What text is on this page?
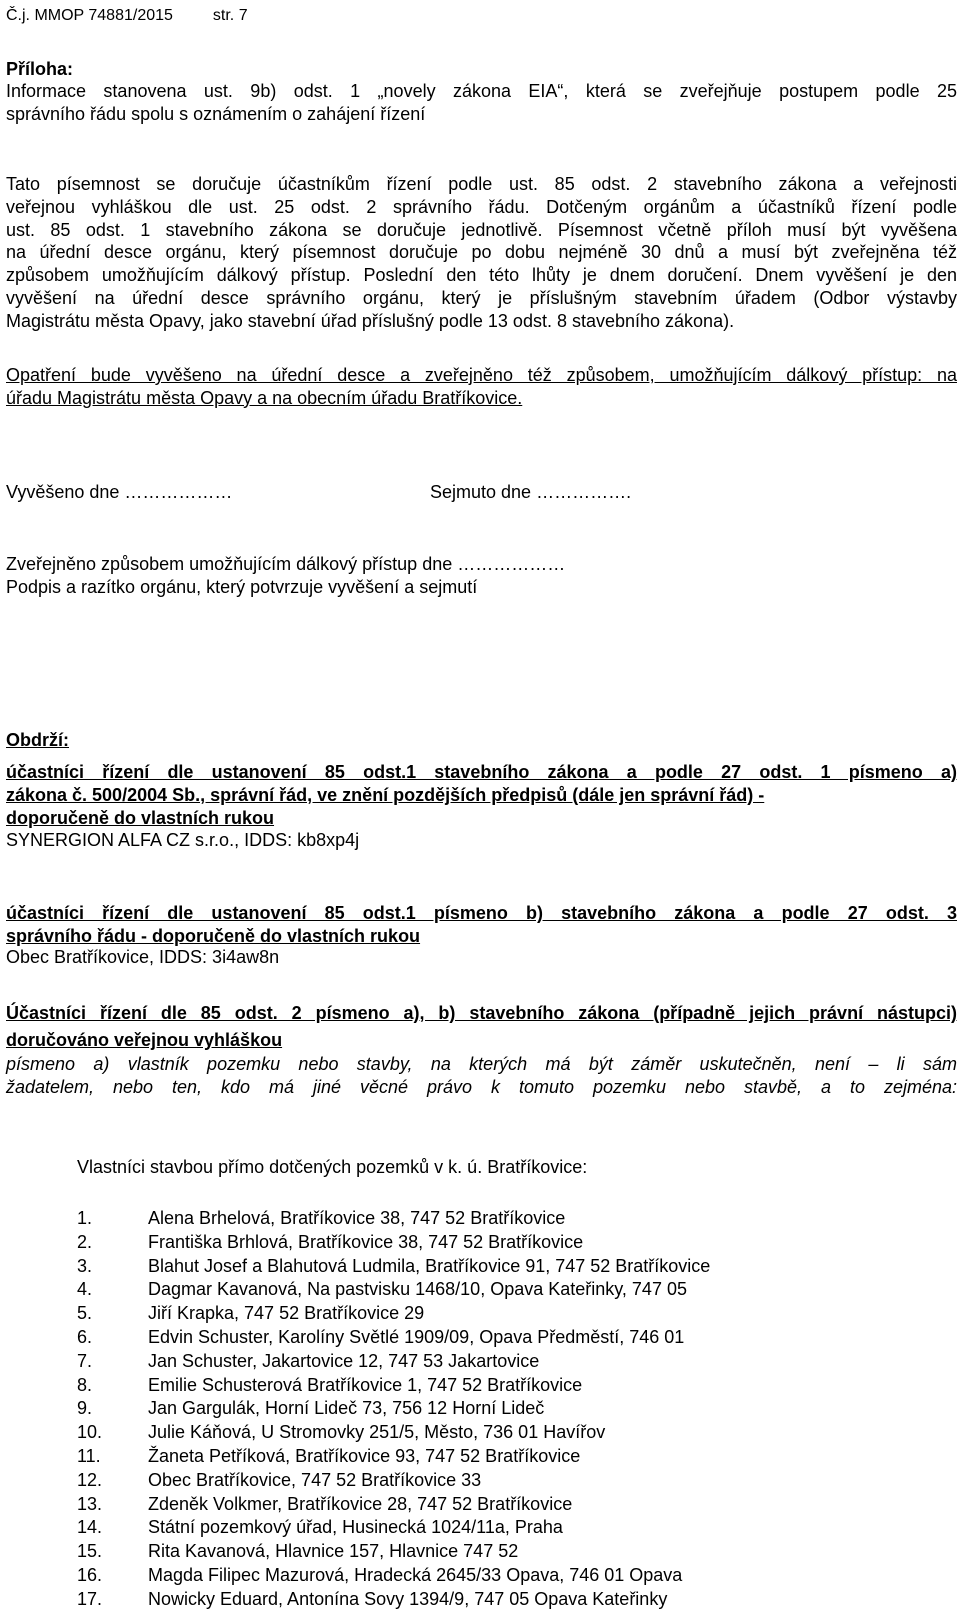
Č.j. MMOP 74881/2015	str. 7
Příloha:
Informace stanovena ust. 9b) odst. 1 „novely zákona EIA“, která se zveřejňuje postupem podle 25
správního řádu spolu s oznámením o zahájení řízení
Tato písemnost se doručuje účastníkům řízení podle ust. 85 odst. 2 stavebního zákona a veřejnosti
veřejnou vyhláškou dle ust. 25 odst. 2 správního řádu. Dotčeným orgánům a účastníků řízení podle
ust. 85 odst. 1 stavebního zákona se doručuje jednotlivě. Písemnost včetně příloh musí být vyvěšena
na úřední desce orgánu, který písemnost doručuje po dobu nejméně 30 dnů a musí být zveřejněna též
způsobem umožňujícím dálkový přístup. Poslední den této lhůty je dnem doručení. Dnem vyvěšení je den
vyvěšení na úřední desce správního orgánu, který je příslušným stavebním úřadem (Odbor výstavby
Magistrátu města Opavy, jako stavební úřad příslušný podle 13 odst. 8 stavebního zákona).
Opatření bude vyvěšeno na úřední desce a zveřejněno též způsobem, umožňujícím dálkový přístup: na
úřadu Magistrátu města Opavy a na obecním úřadu Bratříkovice.
Vyvěšeno dne ………………	Sejmuto dne …………….
Zveřejněno způsobem umožňujícím dálkový přístup dne ………………
Podpis a razítko orgánu, který potvrzuje vyvěšení a sejmutí
Obdrží:
účastníci řízení dle ustanovení 85 odst.1 stavebního zákona a podle 27 odst. 1 písmeno a)
zákona č. 500/2004 Sb., správní řád, ve znění pozdějších předpisů (dále jen správní řád) -
doporučeně do vlastních rukou
SYNERGION ALFA CZ s.r.o., IDDS: kb8xp4j
účastníci řízení dle ustanovení 85 odst.1 písmeno b) stavebního zákona a podle 27 odst. 3
správního řádu - doporučeně do vlastních rukou
Obec Bratříkovice, IDDS: 3i4aw8n
Účastníci řízení dle 85 odst. 2 písmeno a), b) stavebního zákona (případně jejich právní nástupci)
doručováno veřejnou vyhláškou
písmeno a) vlastník pozemku nebo stavby, na kterých má být záměr uskutečněn, není – li sám
žadatelem, nebo ten, kdo má jiné věcné právo k tomuto pozemku nebo stavbě, a to zejména:
Vlastníci stavbou přímo dotčených pozemků v k. ú. Bratříkovice:
1.	Alena Brhelová, Bratříkovice 38, 747 52 Bratříkovice
2.	Františka Brhlová, Bratříkovice 38, 747 52 Bratříkovice
3.	Blahut Josef a Blahutová Ludmila, Bratříkovice 91, 747 52 Bratříkovice
4.	Dagmar Kavanová, Na pastvisku 1468/10, Opava Kateřinky, 747 05
5.	Jiří Krapka, 747 52 Bratříkovice 29
6.	Edvin Schuster, Karolíny Světlé 1909/09, Opava Předměstí, 746 01
7.	Jan Schuster, Jakartovice 12, 747 53 Jakartovice
8.	Emilie Schusterová Bratříkovice 1, 747 52 Bratříkovice
9.	Jan Gargulák, Horní Lideč 73, 756 12 Horní Lideč
10.	Julie Káňová, U Stromovky 251/5, Město, 736 01 Havířov
11.	Žaneta Petříková, Bratříkovice 93, 747 52 Bratříkovice
12.	Obec Bratříkovice, 747 52 Bratříkovice 33
13.	Zdeněk Volkmer, Bratříkovice 28, 747 52 Bratříkovice
14.	Státní pozemkový úřad, Husinecká 1024/11a, Praha
15.	Rita Kavanová, Hlavnice 157, Hlavnice 747 52
16.	Magda Filipec Mazurová, Hradecká 2645/33 Opava, 746 01 Opava
17.	Nowicky Eduard, Antonína Sovy 1394/9, 747 05 Opava Kateřinky
